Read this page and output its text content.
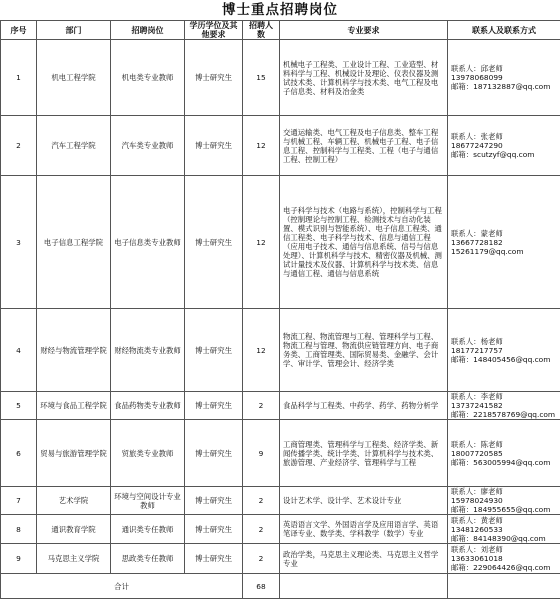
博士重点招聘岗位
序号	部门	招聘岗位	学历学位及其他要求	招聘人数	专业要求	联系人及联系方式
1	机电工程学院	机电类专业教师	博士研究生	15	机械电子工程类、工业设计工程、工业造型、材料科学与工程、机械设计及理论、仪表仪器及测试技术类、计算机科学与技术类、电气工程及电子信息类、材料及冶金类	联系人：邱老师
13978068099
邮箱：187132887@qq.com

2	汽车工程学院	汽车类专业教师	博士研究生	12	交通运输类、电气工程及电子信息类、整车工程与机械工程、车辆工程、机械电子工程、电子信息工程、控制科学与工程类、工程（电子与通信工程、控制工程）	联系人：张老师
18677247290
邮箱：scutzyf@qq.com

3	电子信息工程学院	电子信息类专业教师	博士研究生	12	电子科学与技术（电路与系统），控制科学与工程（控制理论与控制工程、检测技术与自动化装置、模式识别与智能系统）、电子信息工程类、通信工程类、电子科学与技术、信息与通信工程（应用电子技术、通信与信息系统、信号与信息处理）、计算机科学与技术、精密仪器及机械、测试计量技术及仪器、计算机科学与技术类、信息与通信工程、通信与信息系统	联系人：蒙老师
13667728182
15261179@qq.com

4	财经与物流管理学院	财经物流类专业教师	博士研究生	12	物流工程、物流管理与工程、管理科学与工程、物流工程与管理、物流供应链管理方向、电子商务类、工商管理类、国际贸易类、金融学、会计学、审计学、管理会计、经济学类	联系人：杨老师
18177217757
邮箱：148405456@qq.com

5	环境与食品工程学院	食品药物类专业教师	博士研究生	2	食品科学与工程类、中药学、药学、药物分析学	联系人：李老师
13737241582
邮箱：2218578769@qq.com

6	贸易与旅游管理学院	贸旅类专业教师	博士研究生	9	工商管理类、管理科学与工程类、经济学类、新闻传播学类、统计学类、计算机科学与技术类、旅游管理、产业经济学、管理科学与工程	联系人：陈老师
18007720585
邮箱：563005994@qq.com

7	艺术学院	环境与空间设计专业教师	博士研究生	2	设计艺术学、设计学、艺术设计专业	联系人：廖老师
15978024930
邮箱：184955655@qq.com

8	通识教育学院	通识类专任教师	博士研究生	2	英语语言文学、外国语言学及应用语言学、英语笔译专业、数学类、学科教学（数学）专业	联系人：黄老师
13481260533
邮箱：84148390@qq.com

9	马克思主义学院	思政类专任教师	博士研究生	2	政治学类，马克思主义理论类、马克思主义哲学专业	联系人：刘老师
13633061018
邮箱：229064426@qq.com

合计				68		
